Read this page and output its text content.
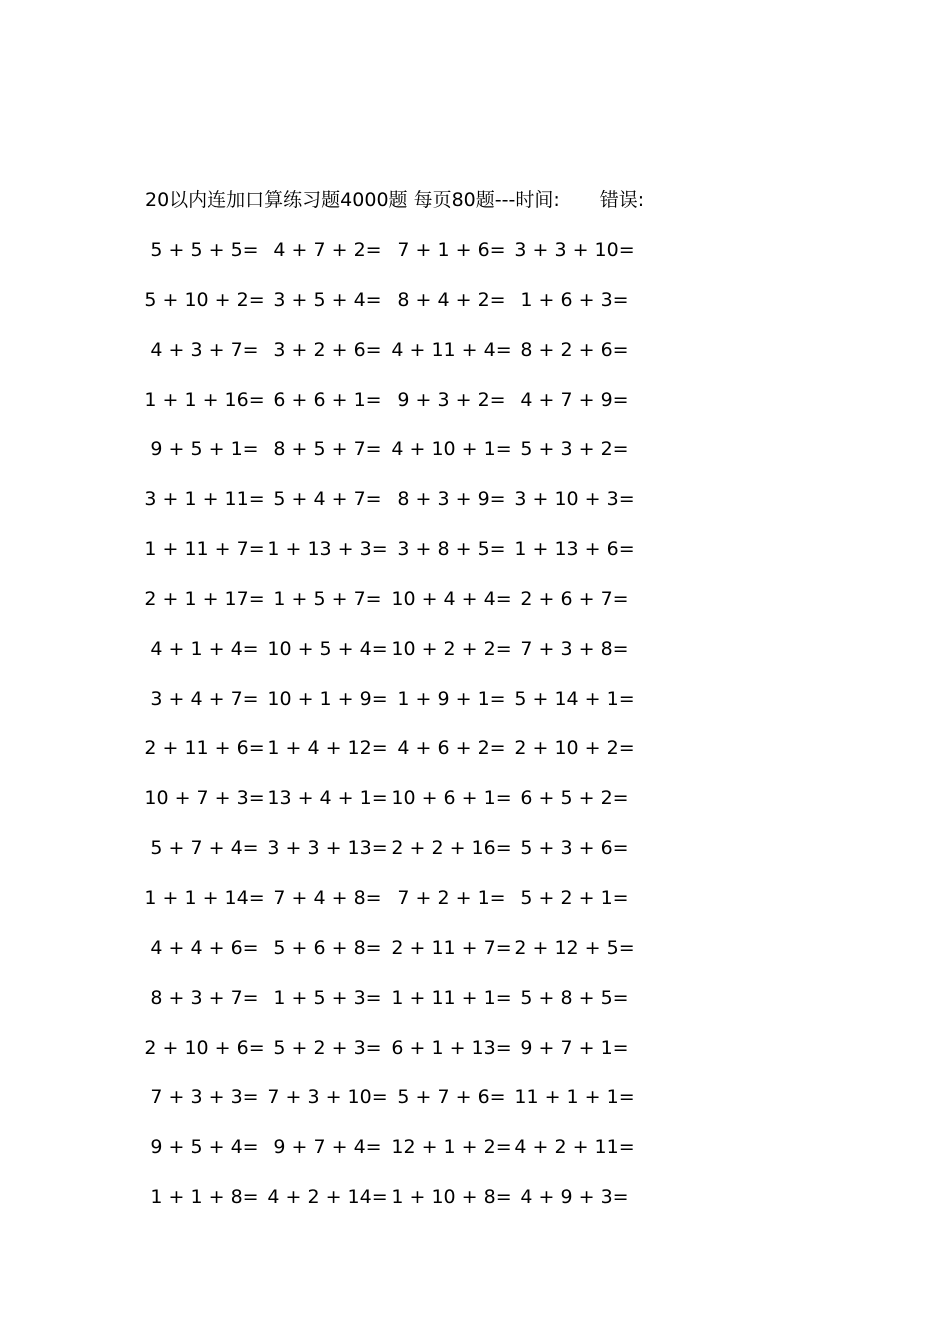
20以内连加口算练习题4000题 每页80题---时间: 错误:
5 + 5 + 5= 4 + 7 + 2= 7 + 1 + 6= 3 + 3 + 10=
5 + 10 + 2= 3 + 5 + 4= 8 + 4 + 2= 1 + 6 + 3=
4 + 3 + 7= 3 + 2 + 6= 4 + 11 + 4= 8 + 2 + 6=
1 + 1 + 16= 6 + 6 + 1= 9 + 3 + 2= 4 + 7 + 9=
9 + 5 + 1= 8 + 5 + 7= 4 + 10 + 1= 5 + 3 + 2=
3 + 1 + 11= 5 + 4 + 7= 8 + 3 + 9= 3 + 10 + 3=
1 + 11 + 7= 1 + 13 + 3= 3 + 8 + 5= 1 + 13 + 6=
2 + 1 + 17= 1 + 5 + 7= 10 + 4 + 4= 2 + 6 + 7=
4 + 1 + 4= 10 + 5 + 4= 10 + 2 + 2= 7 + 3 + 8=
3 + 4 + 7= 10 + 1 + 9= 1 + 9 + 1= 5 + 14 + 1=
2 + 11 + 6= 1 + 4 + 12= 4 + 6 + 2= 2 + 10 + 2=
10 + 7 + 3= 13 + 4 + 1= 10 + 6 + 1= 6 + 5 + 2=
5 + 7 + 4= 3 + 3 + 13= 2 + 2 + 16= 5 + 3 + 6=
1 + 1 + 14= 7 + 4 + 8= 7 + 2 + 1= 5 + 2 + 1=
4 + 4 + 6= 5 + 6 + 8= 2 + 11 + 7= 2 + 12 + 5=
8 + 3 + 7= 1 + 5 + 3= 1 + 11 + 1= 5 + 8 + 5=
2 + 10 + 6= 5 + 2 + 3= 6 + 1 + 13= 9 + 7 + 1=
7 + 3 + 3= 7 + 3 + 10= 5 + 7 + 6= 11 + 1 + 1=
9 + 5 + 4= 9 + 7 + 4= 12 + 1 + 2= 4 + 2 + 11=
1 + 1 + 8= 4 + 2 + 14= 1 + 10 + 8= 4 + 9 + 3=
